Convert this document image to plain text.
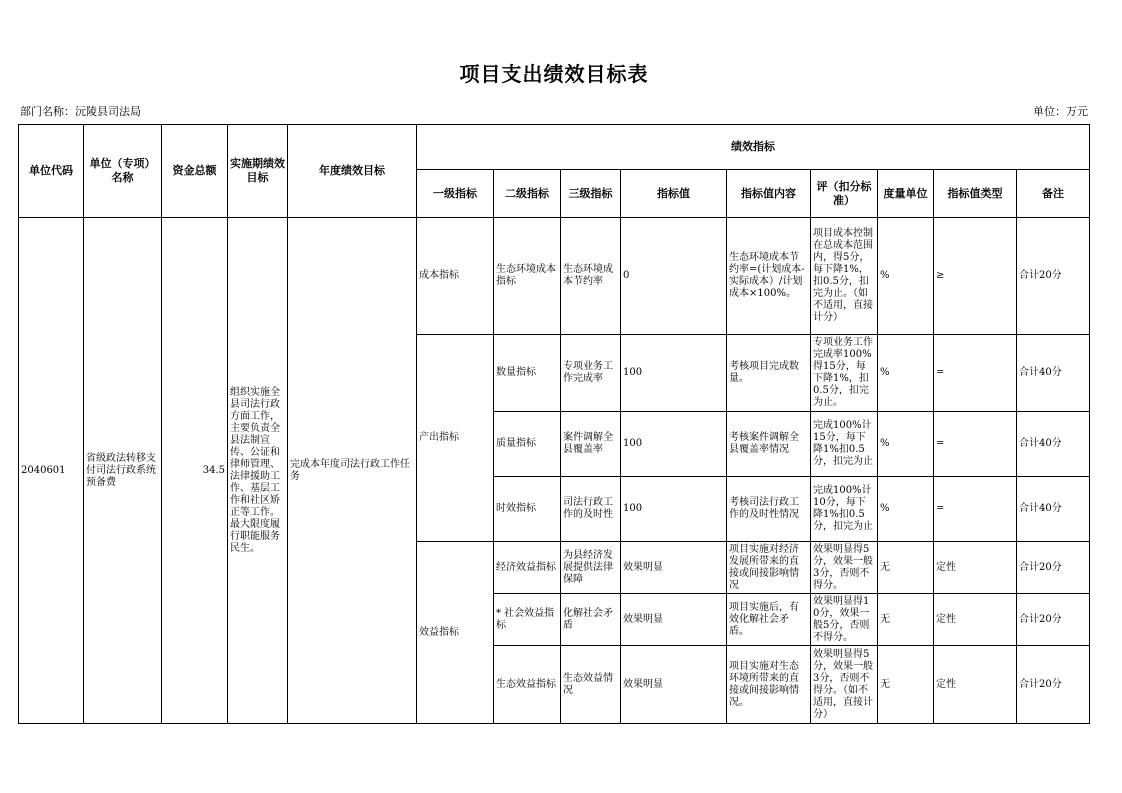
项目支出绩效目标表
部门名称：沅陵县司法局	单位：万元
单位代码	单位（专项）名称	资金总额	实施期绩效目标	年度绩效目标	绩效指标								
					一级指标	二级指标	三级指标	指标值	指标值内容	评（扣分标准）	度量单位	指标值类型	备注
2040601	省级政法转移支付司法行政系统预备费	34.5	组织实施全县司法行政方面工作，主要负责全县法制宣传、公证和律师管理、法律援助工作、基层工作和社区矫正等工作。最大限度履行职能服务民生。	完成本年度司法行政工作任务	成本指标	生态环境成本指标	生态环境成本节约率	0	生态环境成本节约率=(计划成本-实际成本）/计划成本×100%。	项目成本控制在总成本范围内，得5分，每下降1%，扣0.5分，扣完为止。（如不适用，直接计分）	%	≥	合计20分
					产出指标	数量指标	专项业务工作完成率	100	考核项目完成数量。	专项业务工作完成率100%得15分，每下降1%，扣0.5分，扣完为止。	%	=	合计40分
						质量指标	案件调解全县覆盖率	100	考核案件调解全县覆盖率情况	完成100%计15分，每下降1%扣0.5分，扣完为止	%	=	合计40分
						时效指标	司法行政工作的及时性	100	考核司法行政工作的及时性情况	完成100%计10分，每下降1%扣0.5分，扣完为止	%	=	合计40分
					效益指标	经济效益指标	为县经济发展提供法律保障	效果明显	项目实施对经济发展所带来的直接或间接影响情况	效果明显得5分，效果一般3分，否则不得分。	无	定性	合计20分
						* 社会效益指标	化解社会矛盾	效果明显	项目实施后，有效化解社会矛盾。	效果明显得10分，效果一般5分，否则不得分。	无	定性	合计20分
						生态效益指标	生态效益情况	效果明显	项目实施对生态环境所带来的直接或间接影响情况。	效果明显得5分，效果一般3分，否则不得分。（如不适用，直接计分）	无	定性	合计20分
